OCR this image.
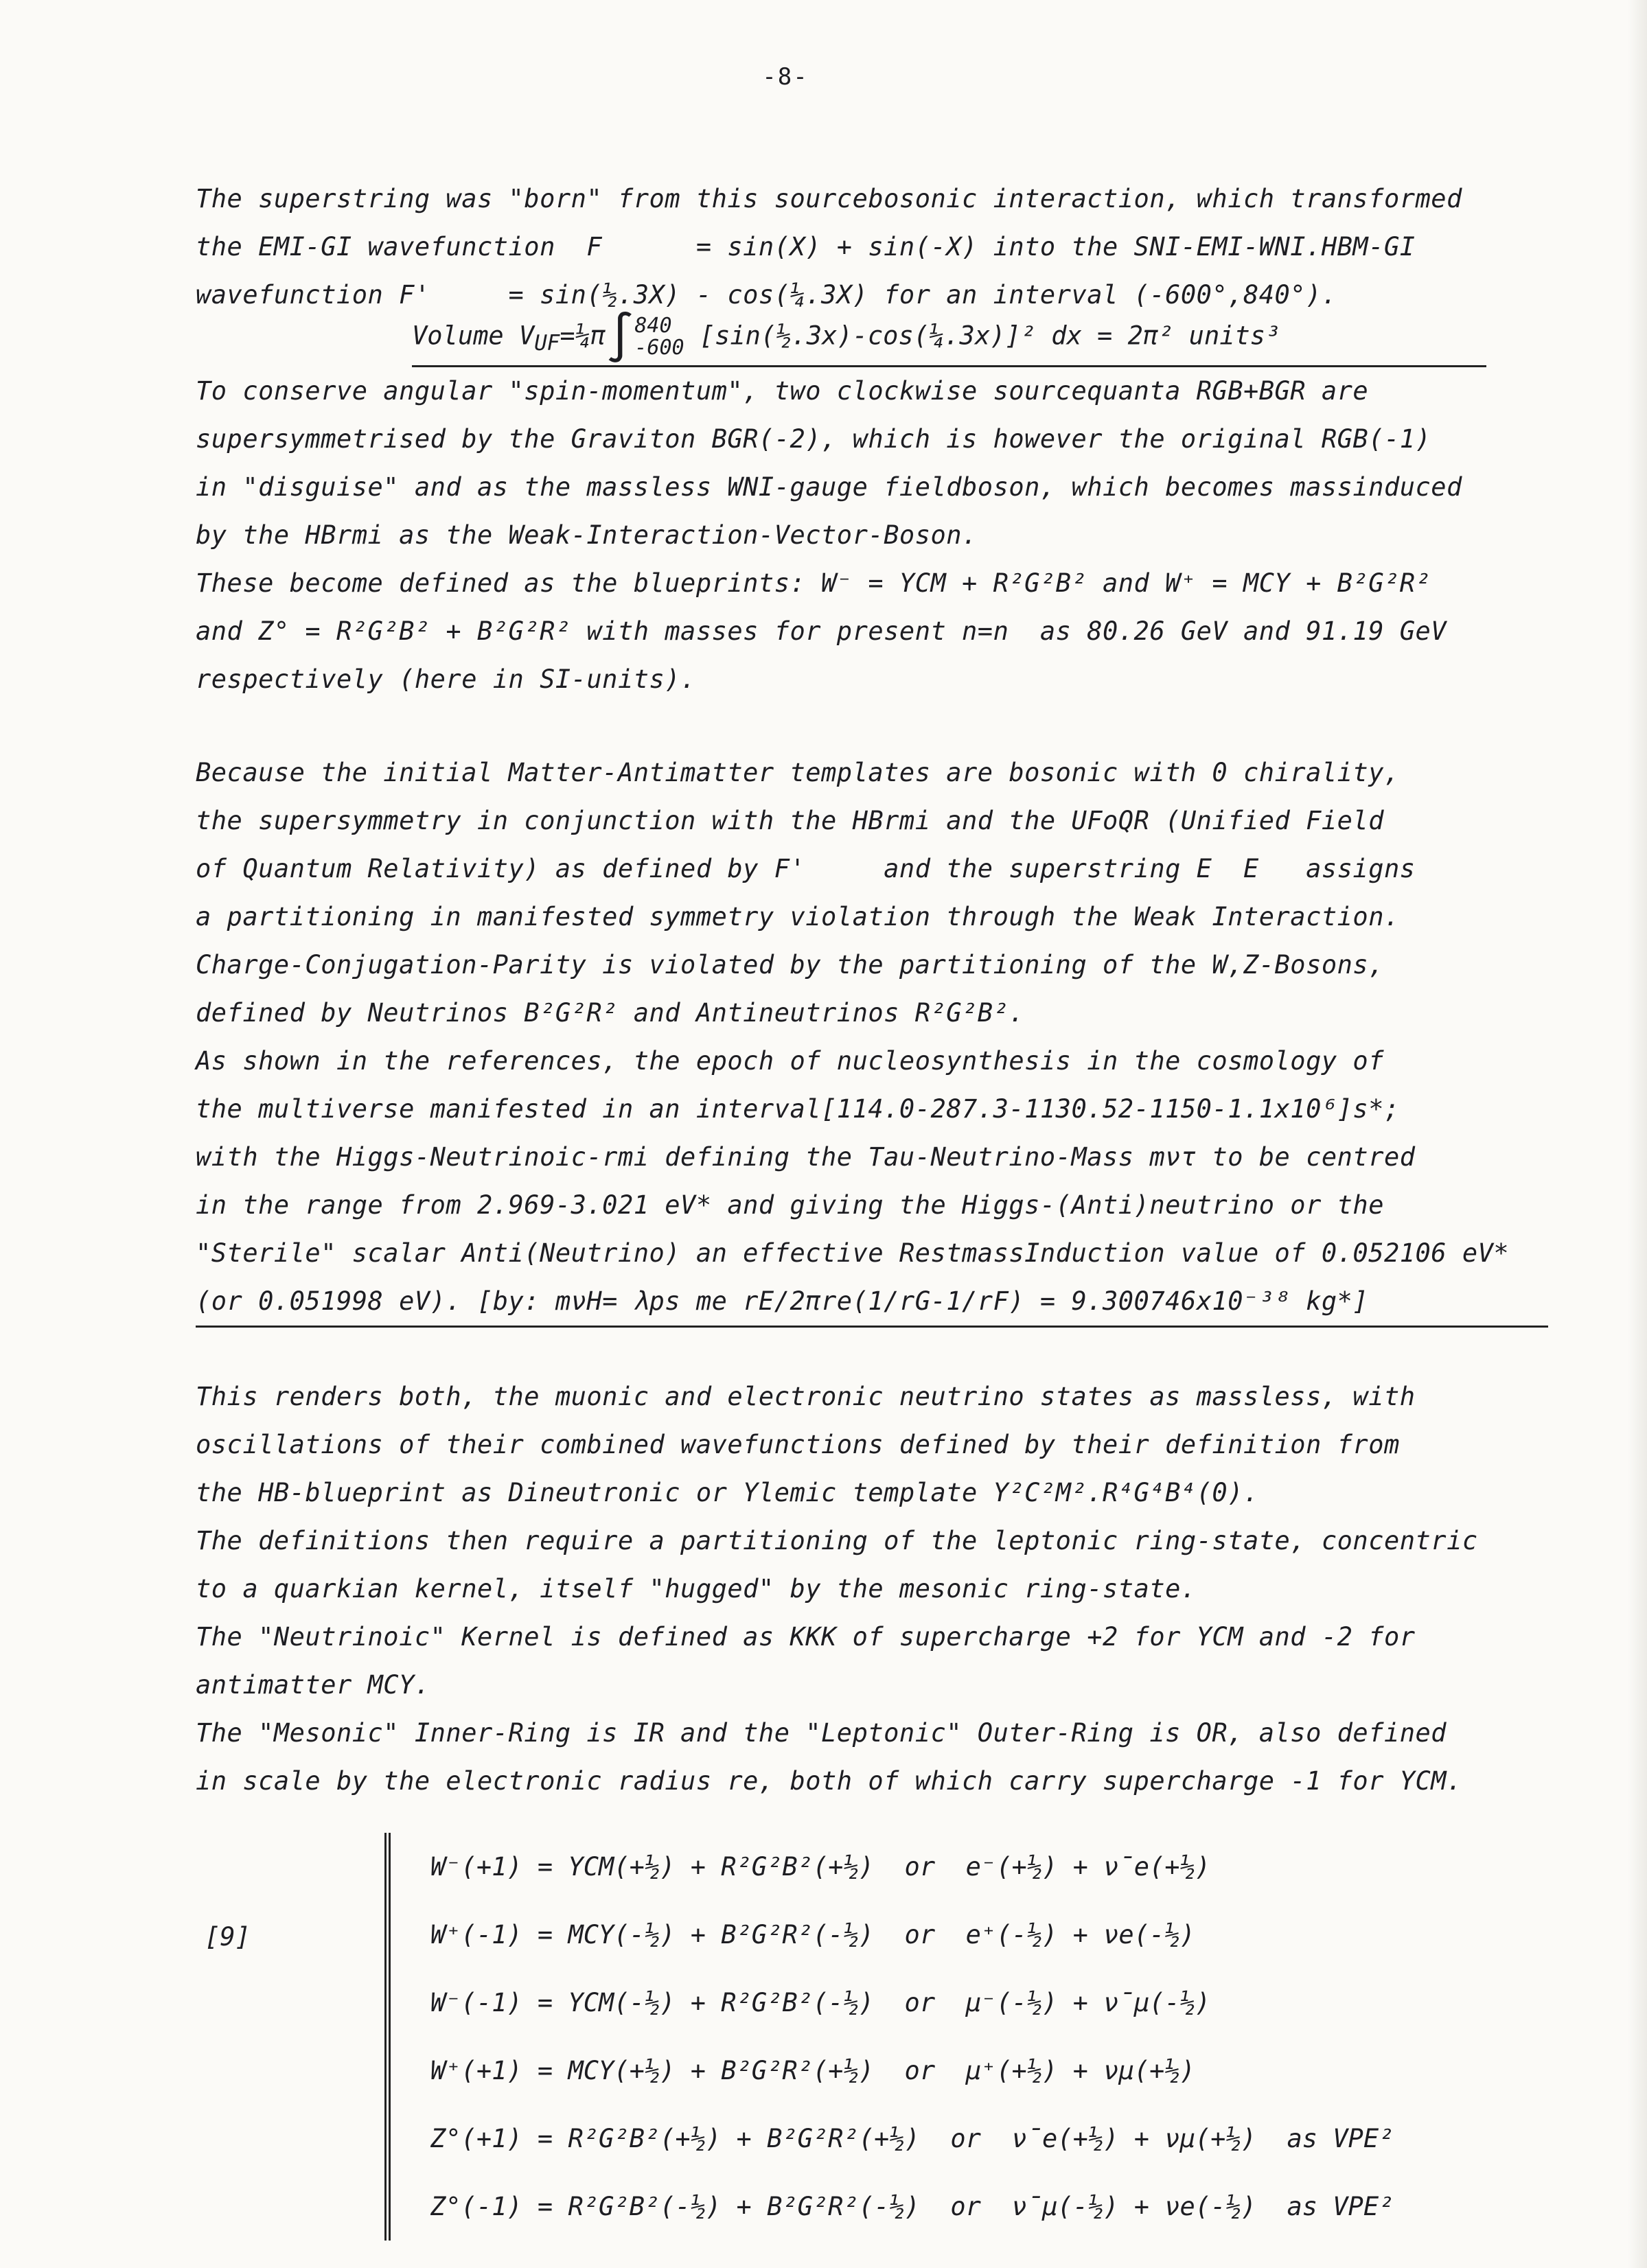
-8-
The superstring was "born" from this sourcebosonic interaction, which transformed
the EMI-GI wavefunction  F      = sin(X) + sin(-X) into the SNI-EMI-WNI.HBM-GI
wavefunction F'     = sin(½.3X) - cos(¼.3X) for an interval (-600°,840°).
To conserve angular "spin-momentum", two clockwise sourcequanta RGB+BGR are
supersymmetrised by the Graviton BGR(-2), which is however the original RGB(-1)
in "disguise" and as the massless WNI-gauge fieldboson, which becomes massinduced
by the HBrmi as the Weak-Interaction-Vector-Boson.
These become defined as the blueprints: W⁻ = YCM + R²G²B² and W⁺ = MCY + B²G²R²
and Z° = R²G²B² + B²G²R² with masses for present n=n  as 80.26 GeV and 91.19 GeV
respectively (here in SI-units).
Because the initial Matter-Antimatter templates are bosonic with 0 chirality,
the supersymmetry in conjunction with the HBrmi and the UFoQR (Unified Field
of Quantum Relativity) as defined by F'     and the superstring E  E   assigns
a partitioning in manifested symmetry violation through the Weak Interaction.
Charge-Conjugation-Parity is violated by the partitioning of the W,Z-Bosons,
defined by Neutrinos B²G²R² and Antineutrinos R²G²B².
As shown in the references, the epoch of nucleosynthesis in the cosmology of
the multiverse manifested in an interval[114.0-287.3-1130.52-1150-1.1x10⁶]s*;
with the Higgs-Neutrinoic-rmi defining the Tau-Neutrino-Mass mντ to be centred
in the range from 2.969-3.021 eV* and giving the Higgs-(Anti)neutrino or the
"Sterile" scalar Anti(Neutrino) an effective RestmassInduction value of 0.052106 eV*
(or 0.051998 eV). [by: mνH= λps me rE/2πre(1/rG-1/rF) = 9.300746x10⁻³⁸ kg*]
This renders both, the muonic and electronic neutrino states as massless, with
oscillations of their combined wavefunctions defined by their definition from
the HB-blueprint as Dineutronic or Ylemic template Y²C²M².R⁴G⁴B⁴(0).
The definitions then require a partitioning of the leptonic ring-state, concentric
to a quarkian kernel, itself "hugged" by the mesonic ring-state.
The "Neutrinoic" Kernel is defined as KKK of supercharge +2 for YCM and -2 for
antimatter MCY.
The "Mesonic" Inner-Ring is IR and the "Leptonic" Outer-Ring is OR, also defined
in scale by the electronic radius re, both of which carry supercharge -1 for YCM.
Volume $V_{UF}=\frac{1}{4}\pi\int 840$
-600 [sin(½.3x)-cos(¼.3x)]² dx = 2π² units³
[9]
W⁻(+1) = YCM(+½) + R²G²B²(+½)  or  e⁻(+½) + ν̄e(+½)
W⁺(-1) = MCY(-½) + B²G²R²(-½)  or  e⁺(-½) + νe(-½)
W⁻(-1) = YCM(-½) + R²G²B²(-½)  or  μ⁻(-½) + ν̄μ(-½)
W⁺(+1) = MCY(+½) + B²G²R²(+½)  or  μ⁺(+½) + νμ(+½)
Z°(+1) = R²G²B²(+½) + B²G²R²(+½)  or  ν̄e(+½) + νμ(+½)  as VPE²
Z°(-1) = R²G²B²(-½) + B²G²R²(-½)  or  ν̄μ(-½) + νe(-½)  as VPE²
